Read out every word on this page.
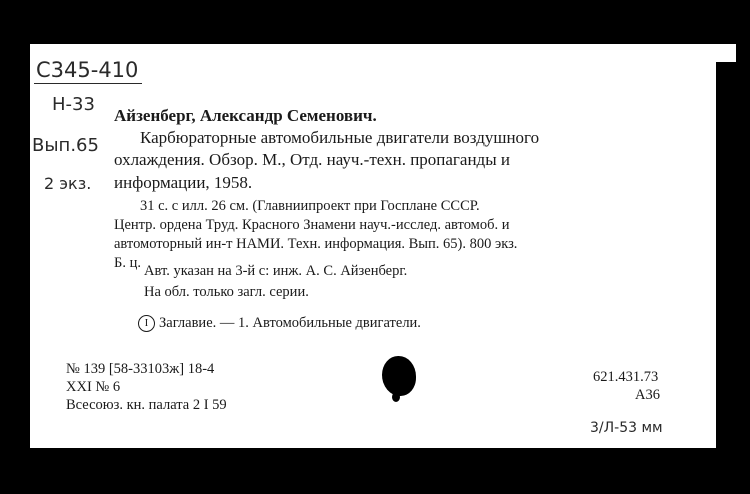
С345-410
Н-33
Вып.65
2 экз.
Айзенберг, Александр Семенович.
Карбюраторные автомобильные двигатели воздушного
охлаждения. Обзор. М., Отд. науч.-техн. пропаганды и
информации, 1958.
31 с. с илл. 26 см. (Главниипроект при Госплане СССР.
Центр. ордена Труд. Красного Знамени науч.-исслед. автомоб. и
автомоторный ин-т НАМИ. Техн. информация. Вып. 65). 800 экз.
Б. ц. Авт. указан на 3-й с: инж. А. С. Айзенберг.
На обл. только загл. серии.
I Заглавие. — 1. Автомобильные двигатели.
№ 139 [58-33103ж] 18-4
XXI № 6
Всесоюз. кн. палата 2 I 59
621.431.73
А36
3/Л-53 мм
